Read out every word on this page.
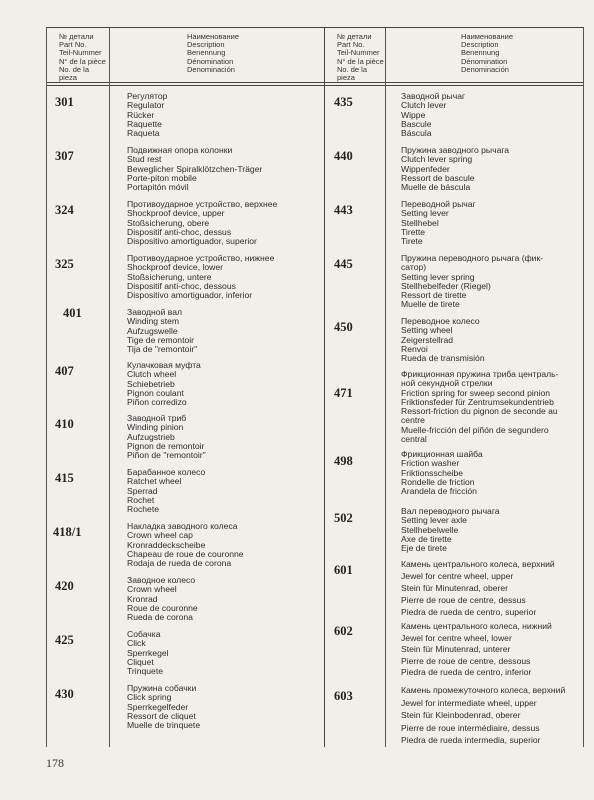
№ детали
Part No.
Teil-Nummer
N° de la pièce
No. de la
pieza
Наименование
Description
Benennung
Dénomination
Denominación
№ детали
Part No.
Teil-Nummer
N° de la pièce
No. de la
pieza
Наименование
Description
Benennung
Dénomination
Denominación
301	Регулятор
Regulator
Rücker
Raquette
Raqueta
307	Подвижная опора колонки
Stud rest
Beweglicher Spiralklötzchen-Träger
Porte-piton mobile
Portapitón móvil
324	Противоударное устройство, верхнее
Shockproof device, upper
Stoßsicherung, obere
Dispositif anti-choc, dessus
Dispositivo amortiguador, superior
325	Противоударное устройство, нижнее
Shockproof device, lower
Stoßsicherung, untere
Dispositif anti-choc, dessous
Dispositivo amortiguador, inferior
401	Заводной вал
Winding stem
Aufzugswelle
Tige de remontoir
Tija de "remontoir"
407	Кулачковая муфта
Clutch wheel
Schiebetrieb
Pignon coulant
Piñon corredizo
410	Заводной триб
Winding pinion
Aufzugstrieb
Pignon de remontoir
Piñon de "remontoir"
415	Барабанное колесо
Ratchet wheel
Sperrad
Rochet
Rochete
418/1	Накладка заводного колеса
Crown wheel cap
Kronraddeckscheibe
Chapeau de roue de couronne
Rodaja de rueda de corona
420	Заводное колесо
Crown wheel
Kronrad
Roue de couronne
Rueda de corona
425	Собачка
Click
Sperrkegel
Cliquet
Trinquete
430	Пружина собачки
Click spring
Sperrkegelfeder
Ressort de cliquet
Muelle de trinquete
435	Заводной рычаг
Clutch lever
Wippe
Bascule
Báscula
440	Пружина заводного рычага
Clutch lever spring
Wippenfeder
Ressort de bascule
Muelle de báscula
443	Переводной рычаг
Setting lever
Stellhebel
Tirette
Tirete
445	Пружина переводного рычага (фик-
сатор)
Setting lever spring
Stellhebelfeder (Riegel)
Ressort de tirette
Muelle de tirete
450	Переводное колесо
Setting wheel
Zeigerstellrad
Renvoi
Rueda de transmisión
471
Фрикционная пружина триба централь-
ной секундной стрелки
Friction spring for sweep second pinion
Friktionsfeder für Zentrumsekundentrieb
Ressort-friction du pignon de seconde au
centre
Muelle-fricción del piñón de segundero
central
498	Фрикционная шайба
Friction washer
Friktionsscheibe
Rondelle de friction
Arandela de fricción
502	Вал переводного рычага
Setting lever axle
Stellhebelwelle
Axe de tirette
Eje de tirete
601	Камень центрального колеса, верхний
Jewel for centre wheel, upper
Stein für Minutenrad, oberer
Pierre de roue de centre, dessus
Piedra de rueda de centro, superior
602	Камень центрального колеса, нижний
Jewel for centre wheel, lower
Stein für Minutenrad, unterer
Pierre de roue de centre, dessous
Piedra de rueda de centro, inferior
603	Камень промежуточного колеса, верхний
Jewel for intermediate wheel, upper
Stein für Kleinbodenrad, oberer
Pierre de roue intermédiaire, dessus
Piedra de rueda intermedia, superior
178
